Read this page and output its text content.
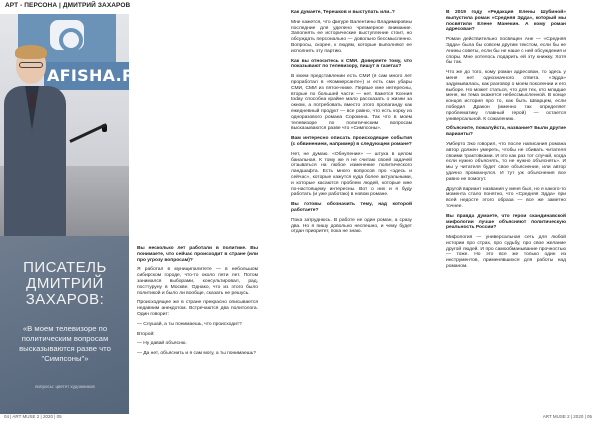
АРТ - ПЕРСОНА | ДМИТРИЙ ЗАХАРОВ
AFISHA.RU
ПИСАТЕЛЬ
ДМИТРИЙ
ЗАХАРОВ:
«В моем телевизоре по политическим вопросам высказываются разве что "Симпсоны"»
вопросы: цветет художников

Вы несколько лет работали в политике. Вы понимаете, что сейчас происходит в стране (или про угрозу вопросам)?

Я работал в муниципалитете — в небольшом сибирском городе, что-то около пяти лет. Потом занимался выборами, консультировал, рад, посттуруну в Москве. Однако, что из этого было политикой и было ли вообще, сказать не решусь.

Происходящее же в стране прекрасно описывается недавним анекдотом. Встречаются два политолога. Один говорит:

— Слушай, а ты понимаешь, что происходит?

Второй:

— Ну давай объясню.

— Да нет, объяснить и я сам могу, а ты понимаешь?

Как думаете, Терешков и выступать или..?

Мне кажется, что фигуре Валентины Владимировны последние для уделено чрезмерное внимание. Заполнять ее исторические выступление стоит, но обсуждать персонально — довольно бессмысленно. Вопросы, скорее, к людям, которые выполняют ее исполнить эту партию.

Как вы относитесь к СМИ. Доверяете тому, что показывают по телевизору, пишут в газетах?

В моем представлении есть СМИ (я сам много лет проработал в «Коммерсанте») и есть сми убары СМИ, СМИ из пятое-ниже. Первые мне интересны, вторые по большей части — нет. Кажется Ксения today способна крайне мало рассказать о жизни за окном, а потребовать вместо этого пропаганду как ежедневный продукт — все равно, что есть корку из одноразового романа Сорокина. Так что в моем телевизоре по политическим вопросам высказываются разве что «Симпсоны».

Вам интересно описать происходящие события (с обвинением, например) в следующем романе?

Нет, не думаю. «Обнуление» — штука в целом банальная. К тому же я не считаю своей задачей отзываться на любое изменение политического ландшафта. Есть много вопросов про «здесь и сейчас», которые кажутся куда более актуальными, и которые касаются проблем людей, которые мне по-настоящему интересны. Вот о них и я буду работать (и уже работаю) в новом романе.

Вы готовы обозначить тему, над которой работаете?

Пока затруднюсь. В работе не один роман, а сразу два. Но я пишу довольно неспешно, и чему будет отдан приоритет, пока не знаю.

В 2019 году «Редакция Елены Шубиной» выпустила роман «Средняя Эдда», который мы посвятили Елене Манекин. А кому роман адресован?

Роман действительно посвящен Ане — «Средняя Эдда» была бы совсем другим текстом, если бы не Анины советы, если бы не наше с ней обсуждения и споры. Мне хотелось подарить ей эту книжку. Хотя бы так.

Что же до того, кому роман адресован, то здесь у меня нет однозначного ответа. «Эдда» задумывалась, как разговор о моем поколении и его выборе. Но может статься, что для тех, кто младше меня, ни тема окажется небессмысленной. В конце концов история про то, как быть Шварцем, если победил Дракон (именно так определяет проблематику главный герой) — остается универсальной. К сожалению.

Объясните, пожалуйста, название? Были другие варианты?

Умберто Эко говорил, что после написания романа автор должен умереть, чтобы не сбивать читателя своими трактовками. И это как раз тот случай, когда если нужно объяснять, то не нужно объяснять». И мы у читателя будет свое объяснение, или автор удачно промахнулся. И тут уж объяснения все равно не помогут.

Другой вариант названия у меня был, но я какого-то момента стало понятно, что «Средняя Эдда» при всей недосте этого образа — все же заметно точнее.

Вы правда думаете, что герои скандинавской мифологии лучше объясняют политическую реальность России?

Мифология — универсальная сеть для любой истории про страх, про судьбу, про свое желание другой людей. И про самообманывание прочностью — тоже. Но это все же только один из инструментов, применявшихся для работы над романом.

04 | ART MUSE 2 | 2020 | 05	ART MUSE 2 | 2020 | 05
